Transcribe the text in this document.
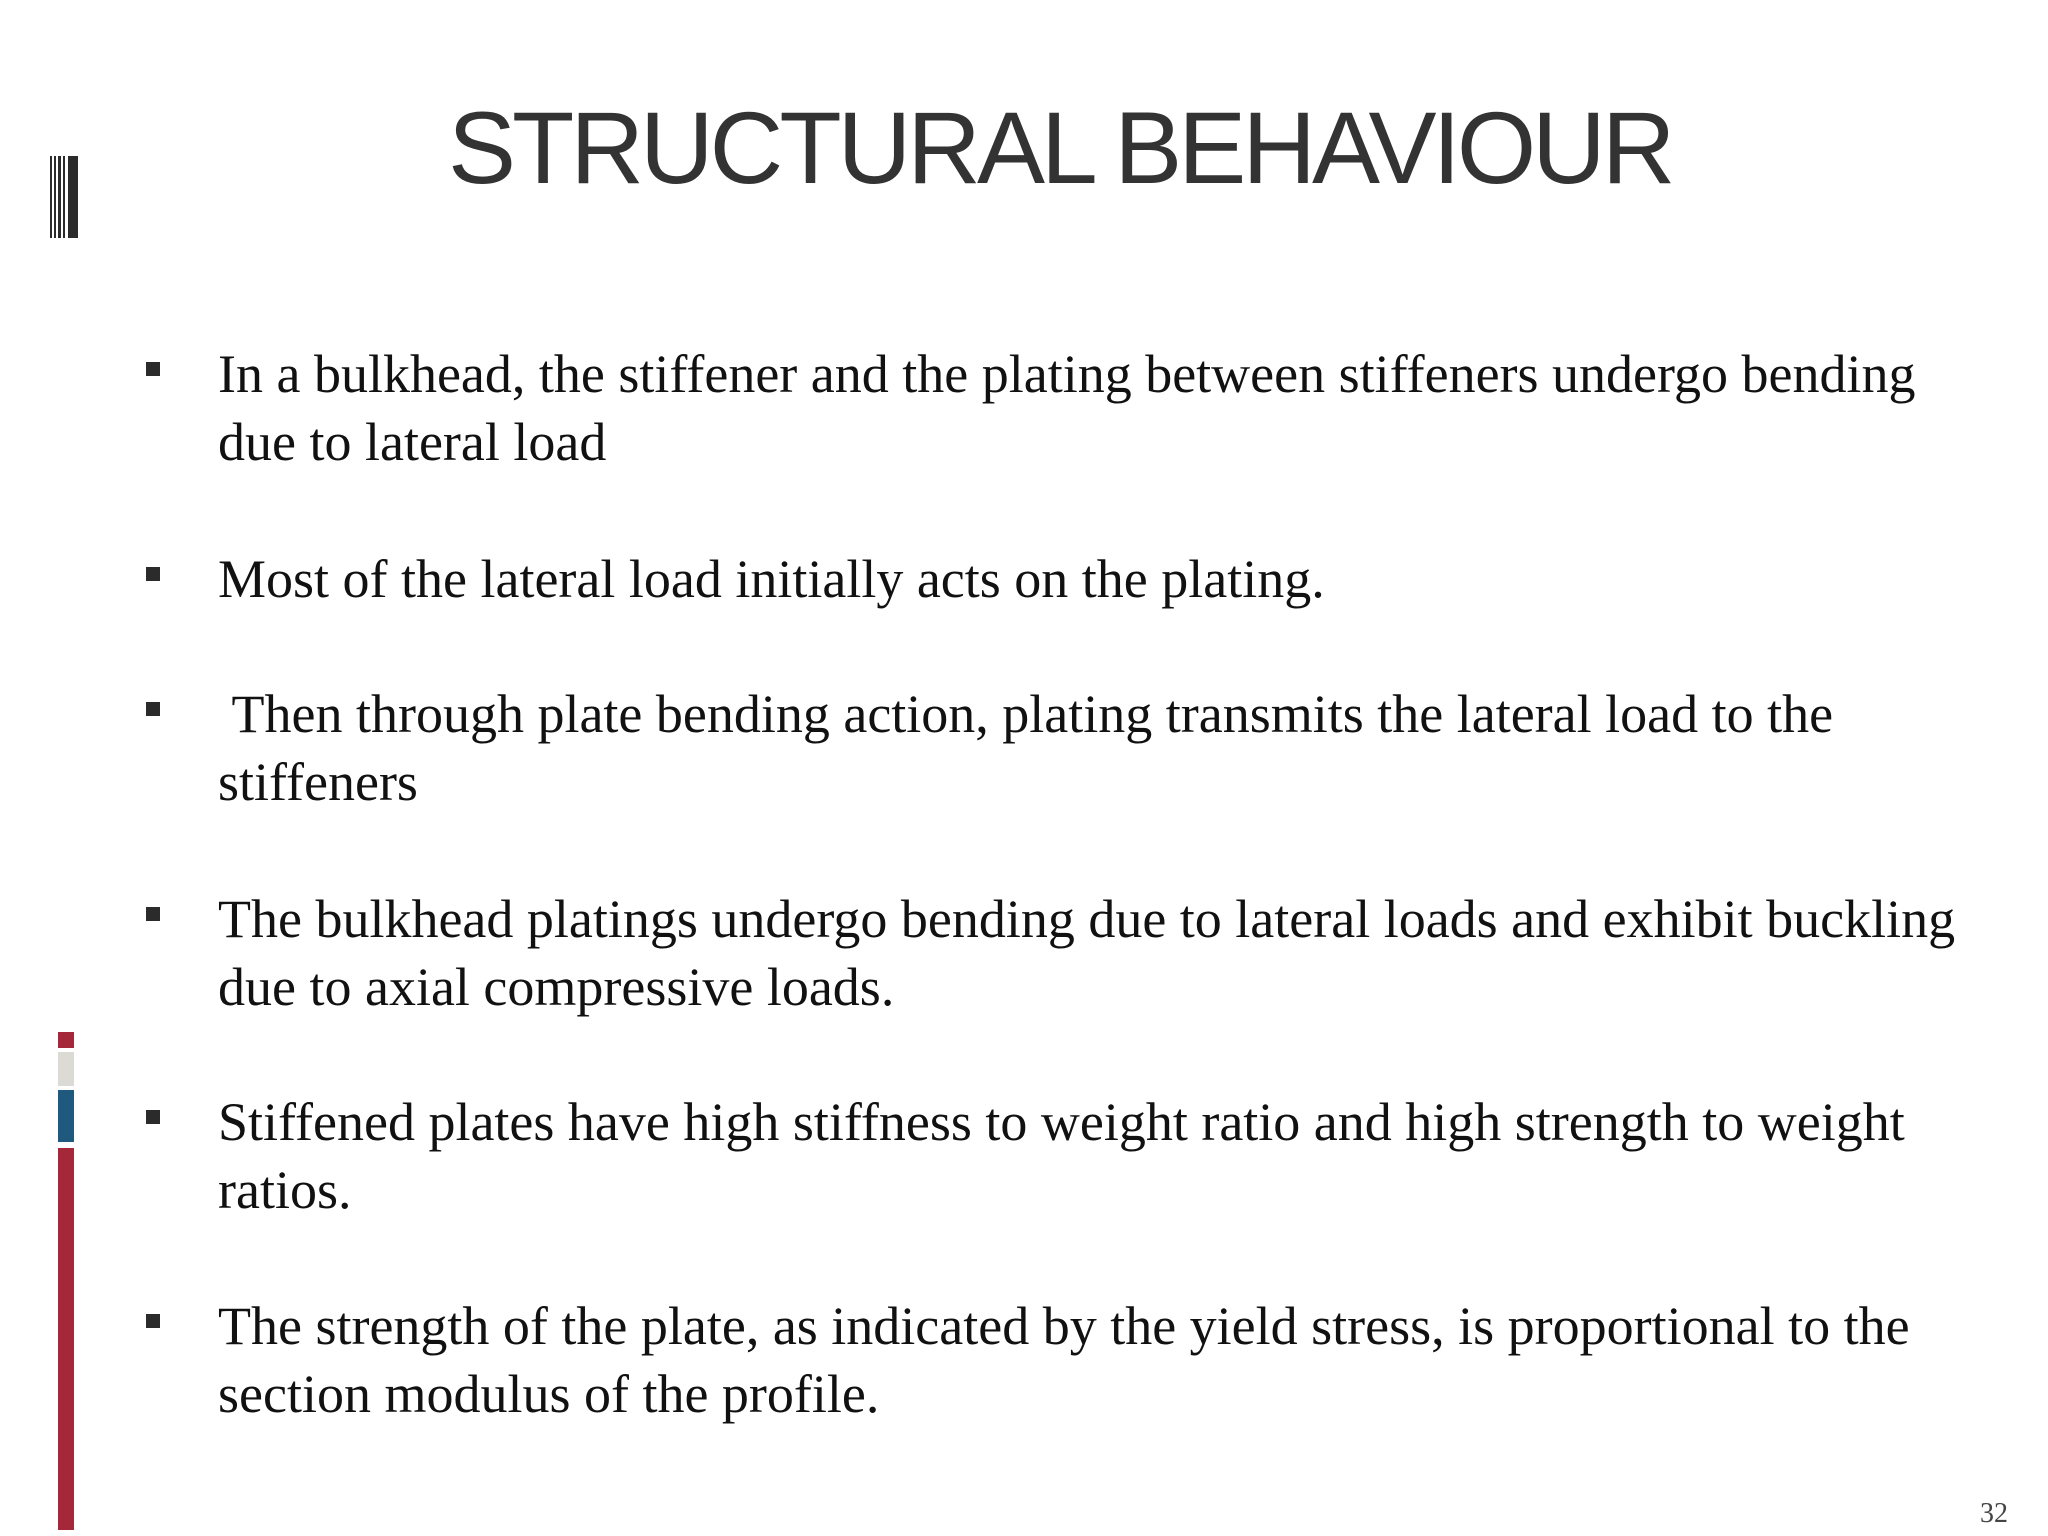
STRUCTURAL BEHAVIOUR
In a bulkhead, the stiffener and the plating between stiffeners undergo bending due to lateral load
Most of the lateral load initially acts on the plating.
Then through plate bending action, plating transmits the lateral load to the stiffeners
The bulkhead platings undergo bending due to lateral loads and exhibit buckling due to axial compressive loads.
Stiffened plates have high stiffness to weight ratio and high strength to weight ratios.
The strength of the plate, as indicated by the yield stress, is proportional to the section modulus of the profile.
32
